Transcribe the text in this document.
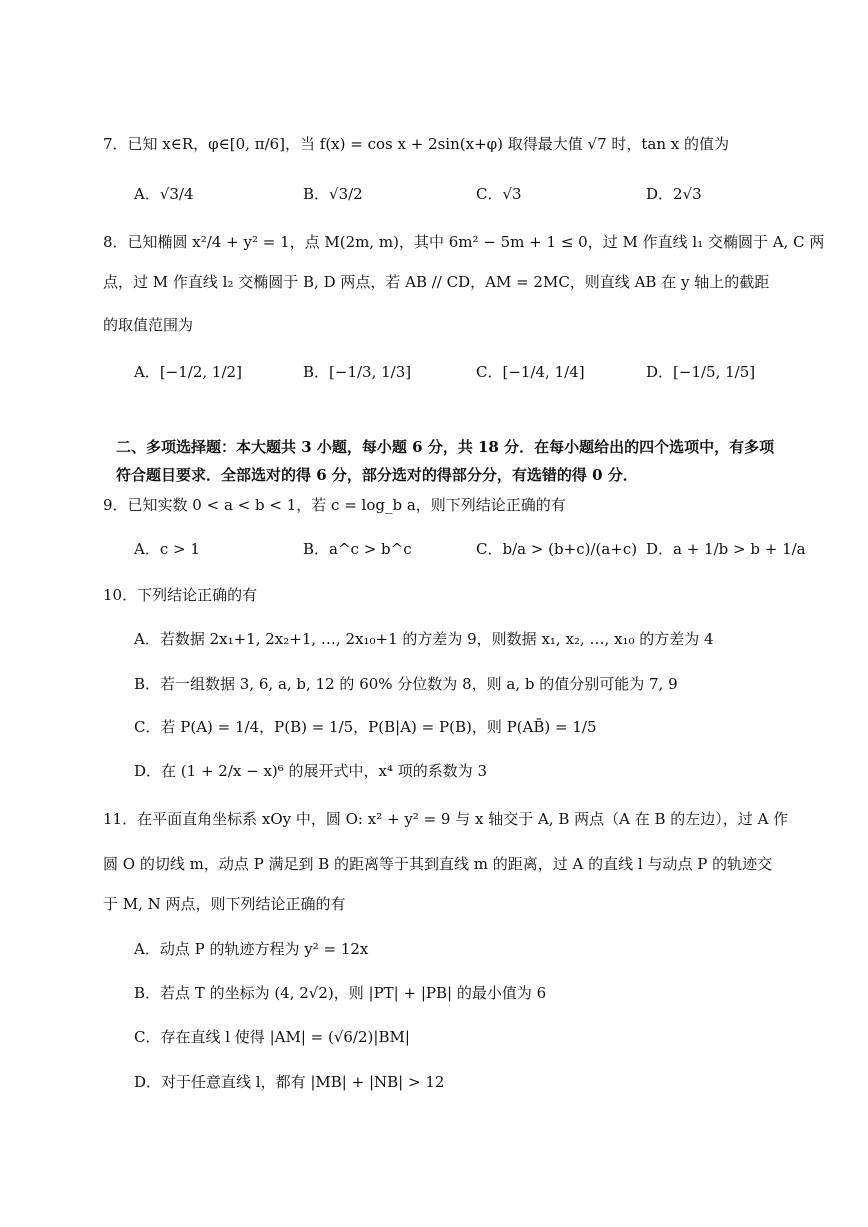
7．已知 x∈R，φ∈[0, π/6]，当 f(x) = cos x + 2sin(x+φ) 取得最大值 √7 时，tan x 的值为
A．√3/4	B．√3/2	C．√3	D．2√3
8．已知椭圆 x²/4 + y² = 1，点 M(2m, m)，其中 6m² − 5m + 1 ≤ 0，过 M 作直线 l₁ 交椭圆于 A, C 两
点，过 M 作直线 l₂ 交椭圆于 B, D 两点，若 AB // CD，AM = 2MC，则直线 AB 在 y 轴上的截距
的取值范围为
A．[−1/2, 1/2]	B．[−1/3, 1/3]	C．[−1/4, 1/4]	D．[−1/5, 1/5]
二、多项选择题：本大题共 3 小题，每小题 6 分，共 18 分．在每小题给出的四个选项中，有多项
符合题目要求．全部选对的得 6 分，部分选对的得部分分，有选错的得 0 分．
9．已知实数 0 < a < b < 1，若 c = log_b a，则下列结论正确的有
A．c > 1	B．a^c > b^c	C．b/a > (b+c)/(a+c) D．a + 1/b > b + 1/a
10．下列结论正确的有
A．若数据 2x₁+1, 2x₂+1, …, 2x₁₀+1 的方差为 9，则数据 x₁, x₂, …, x₁₀ 的方差为 4
B．若一组数据 3, 6, a, b, 12 的 60% 分位数为 8，则 a, b 的值分别可能为 7, 9
C．若 P(A) = 1/4，P(B) = 1/5，P(B|A) = P(B)，则 P(AB̄) = 1/5
D．在 (1 + 2/x − x)⁶ 的展开式中，x⁴ 项的系数为 3
11．在平面直角坐标系 xOy 中，圆 O: x² + y² = 9 与 x 轴交于 A, B 两点（A 在 B 的左边），过 A 作
圆 O 的切线 m，动点 P 满足到 B 的距离等于其到直线 m 的距离，过 A 的直线 l 与动点 P 的轨迹交
于 M, N 两点，则下列结论正确的有
A．动点 P 的轨迹方程为 y² = 12x
B．若点 T 的坐标为 (4, 2√2)，则 |PT| + |PB| 的最小值为 6
C．存在直线 l 使得 |AM| = (√6/2)|BM|
D．对于任意直线 l，都有 |MB| + |NB| > 12
